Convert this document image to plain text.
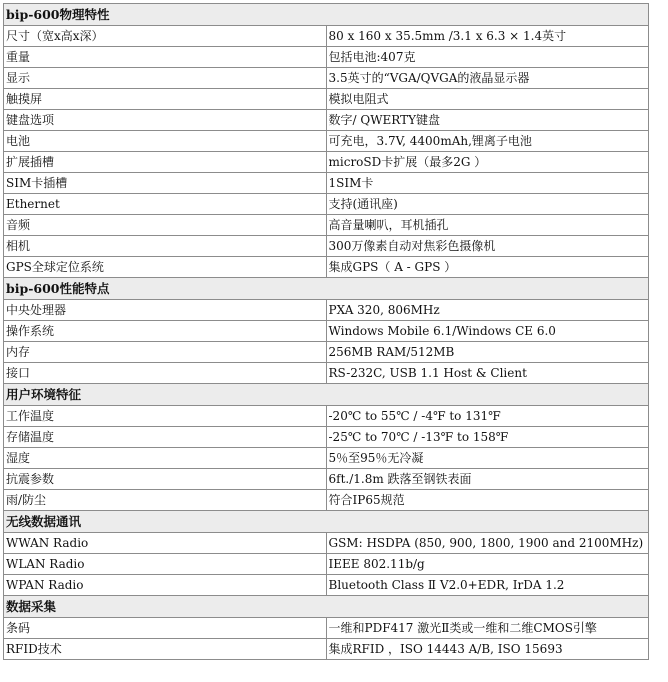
bip-600物理特性	
尺寸（宽x高x深）	80 x 160 x 35.5mm /3.1 x 6.3 × 1.4英寸
重量	包括电池:407克
显示	3.5英寸的“VGA/QVGA的液晶显示器
触摸屏	模拟电阻式
键盘选项	数字/ QWERTY键盘
电池	可充电，3.7V, 4400mAh,锂离子电池
扩展插槽	microSD卡扩展（最多2G ）
SIM卡插槽	1SIM卡
Ethernet	支持(通讯座)
音频	高音量喇叭，耳机插孔
相机	300万像素自动对焦彩色摄像机
GPS全球定位系统	集成GPS（ A - GPS ）
bip-600性能特点	
中央处理器	PXA 320, 806MHz
操作系统	Windows Mobile 6.1/Windows CE 6.0
内存	256MB RAM/512MB
接口	RS-232C, USB 1.1 Host & Client
用户环境特征	
工作温度	-20℃ to 55℃ / -4℉ to 131℉
存储温度	-25℃ to 70℃ / -13℉ to 158℉
湿度	5％至95％无冷凝
抗震参数	6ft./1.8m 跌落至钢铁表面
雨/防尘	符合IP65规范
无线数据通讯	
WWAN Radio	GSM: HSDPA (850, 900, 1800, 1900 and 2100MHz)
WLAN Radio	IEEE 802.11b/g
WPAN Radio	Bluetooth Class Ⅱ V2.0+EDR, IrDA 1.2
数据采集	
条码	一维和PDF417 激光Ⅱ类或一维和二维CMOS引擎
RFID技术	集成RFID ，ISO 14443 A/B, ISO 15693
